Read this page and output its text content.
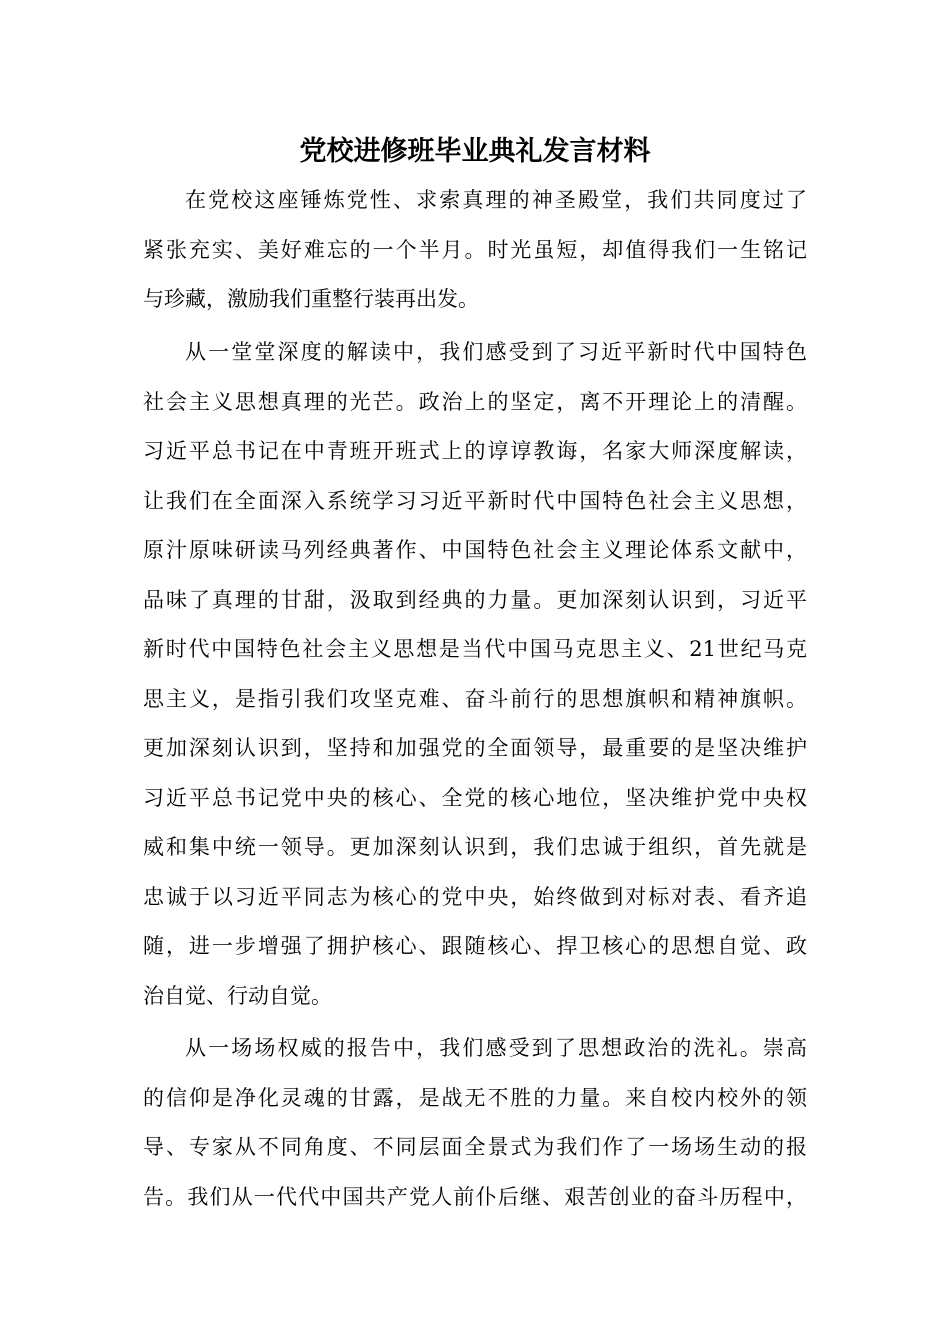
党校进修班毕业典礼发言材料
在党校这座锤炼党性、求索真理的神圣殿堂，我们共同度过了
紧张充实、美好难忘的一个半月。时光虽短，却值得我们一生铭记
与珍藏，激励我们重整行装再出发。
从一堂堂深度的解读中，我们感受到了习近平新时代中国特色
社会主义思想真理的光芒。政治上的坚定，离不开理论上的清醒。
习近平总书记在中青班开班式上的谆谆教诲，名家大师深度解读，
让我们在全面深入系统学习习近平新时代中国特色社会主义思想，
原汁原味研读马列经典著作、中国特色社会主义理论体系文献中，
品味了真理的甘甜，汲取到经典的力量。更加深刻认识到，习近平
新时代中国特色社会主义思想是当代中国马克思主义、21世纪马克
思主义，是指引我们攻坚克难、奋斗前行的思想旗帜和精神旗帜。
更加深刻认识到，坚持和加强党的全面领导，最重要的是坚决维护
习近平总书记党中央的核心、全党的核心地位，坚决维护党中央权
威和集中统一领导。更加深刻认识到，我们忠诚于组织，首先就是
忠诚于以习近平同志为核心的党中央，始终做到对标对表、看齐追
随，进一步增强了拥护核心、跟随核心、捍卫核心的思想自觉、政
治自觉、行动自觉。
从一场场权威的报告中，我们感受到了思想政治的洗礼。崇高
的信仰是净化灵魂的甘露，是战无不胜的力量。来自校内校外的领
导、专家从不同角度、不同层面全景式为我们作了一场场生动的报
告。我们从一代代中国共产党人前仆后继、艰苦创业的奋斗历程中，
